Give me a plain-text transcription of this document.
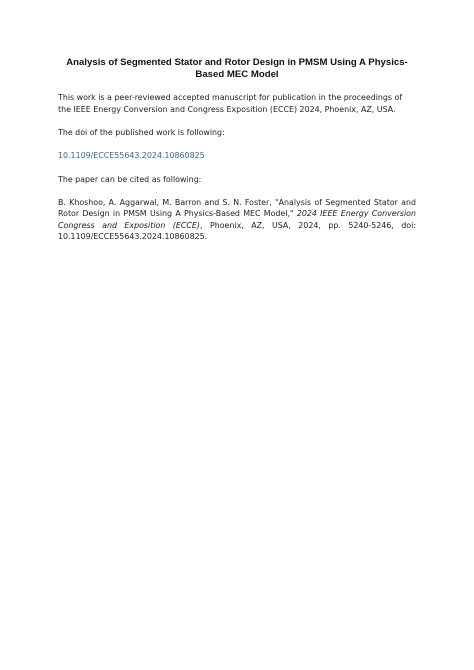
Analysis of Segmented Stator and Rotor Design in PMSM Using A Physics-Based MEC Model

This work is a peer-reviewed accepted manuscript for publication in the proceedings of the IEEE Energy Conversion and Congress Exposition (ECCE) 2024, Phoenix, AZ, USA.

The doi of the published work is following:

10.1109/ECCE55643.2024.10860825

The paper can be cited as following:

B. Khoshoo, A. Aggarwal, M. Barron and S. N. Foster, "Analysis of Segmented Stator and Rotor Design in PMSM Using A Physics-Based MEC Model," 2024 IEEE Energy Conversion Congress and Exposition (ECCE), Phoenix, AZ, USA, 2024, pp. 5240-5246, doi: 10.1109/ECCE55643.2024.10860825.
